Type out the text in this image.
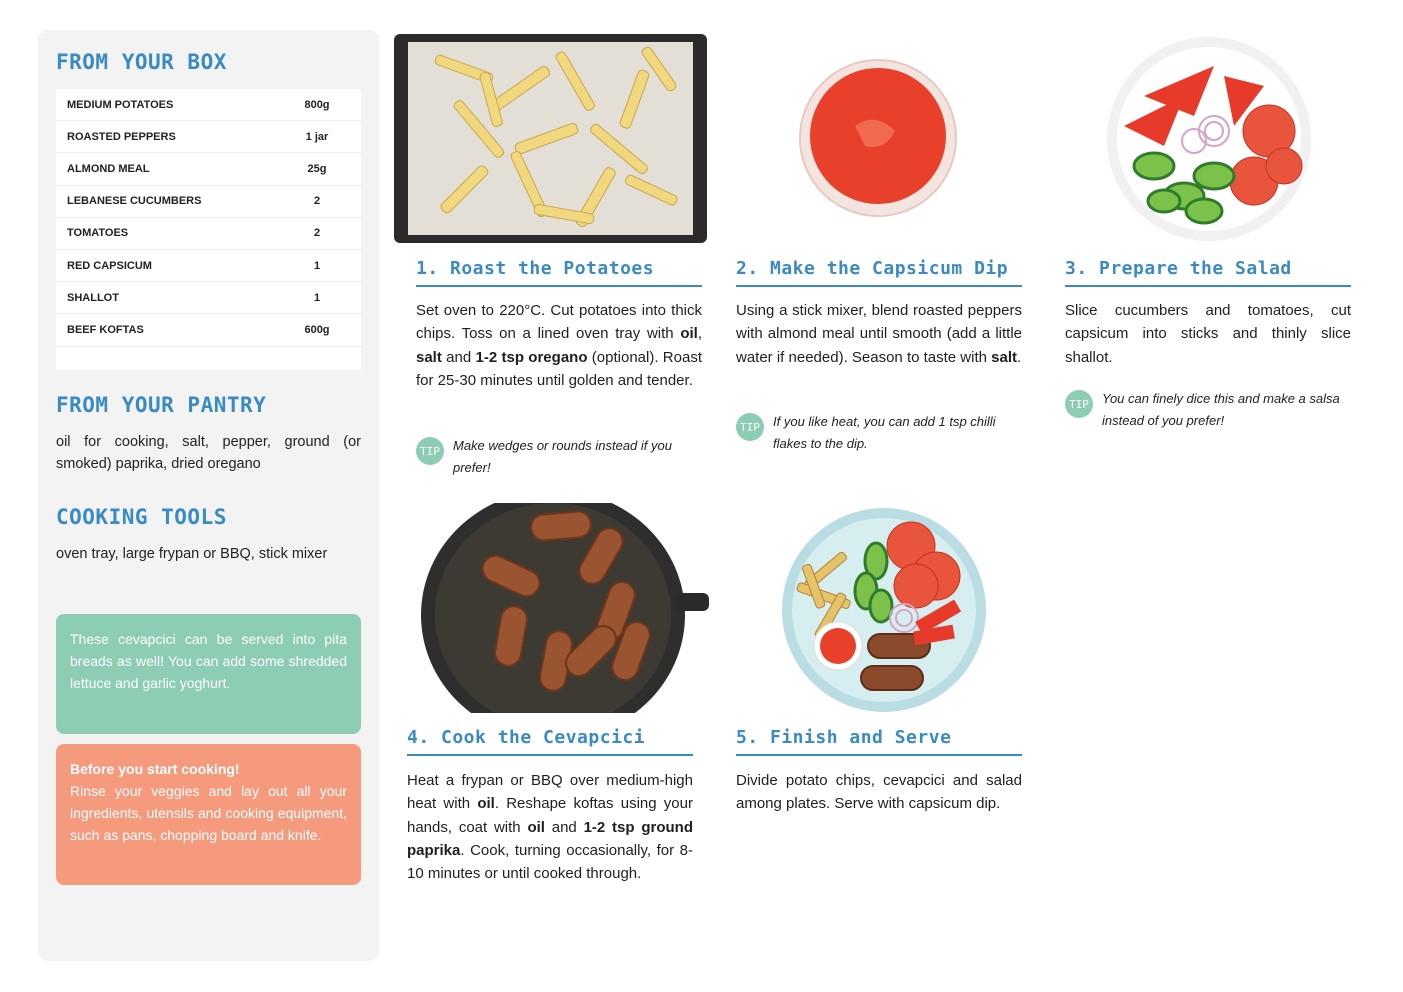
FROM YOUR BOX
MEDIUM POTATOES	800g
ROASTED PEPPERS	1 jar
ALMOND MEAL	25g
LEBANESE CUCUMBERS	2
TOMATOES	2
RED CAPSICUM	1
SHALLOT	1
BEEF KOFTAS	600g
FROM YOUR PANTRY
oil for cooking, salt, pepper, ground (or smoked) paprika, dried oregano
COOKING TOOLS
oven tray, large frypan or BBQ, stick mixer
These cevapcici can be served into pita breads as well! You can add some shredded lettuce and garlic yoghurt.
Before you start cooking!
Rinse your veggies and lay out all your ingredients, utensils and cooking equipment, such as pans, chopping board and knife.
1. Roast the Potatoes
Set oven to 220°C. Cut potatoes into thick chips. Toss on a lined oven tray with oil, salt and 1-2 tsp oregano (optional). Roast for 25-30 minutes until golden and tender.
TIP	Make wedges or rounds instead if you prefer!
2. Make the Capsicum Dip
Using a stick mixer, blend roasted peppers with almond meal until smooth (add a little water if needed). Season to taste with salt.
TIP	If you like heat, you can add 1 tsp chilli flakes to the dip.
3. Prepare the Salad
Slice cucumbers and tomatoes, cut capsicum into sticks and thinly slice shallot.
TIP	You can finely dice this and make a salsa instead of you prefer!
4. Cook the Cevapcici
Heat a frypan or BBQ over medium-high heat with oil. Reshape koftas using your hands, coat with oil and 1-2 tsp ground paprika. Cook, turning occasionally, for 8-10 minutes or until cooked through.
5. Finish and Serve
Divide potato chips, cevapcici and salad among plates. Serve with capsicum dip.
